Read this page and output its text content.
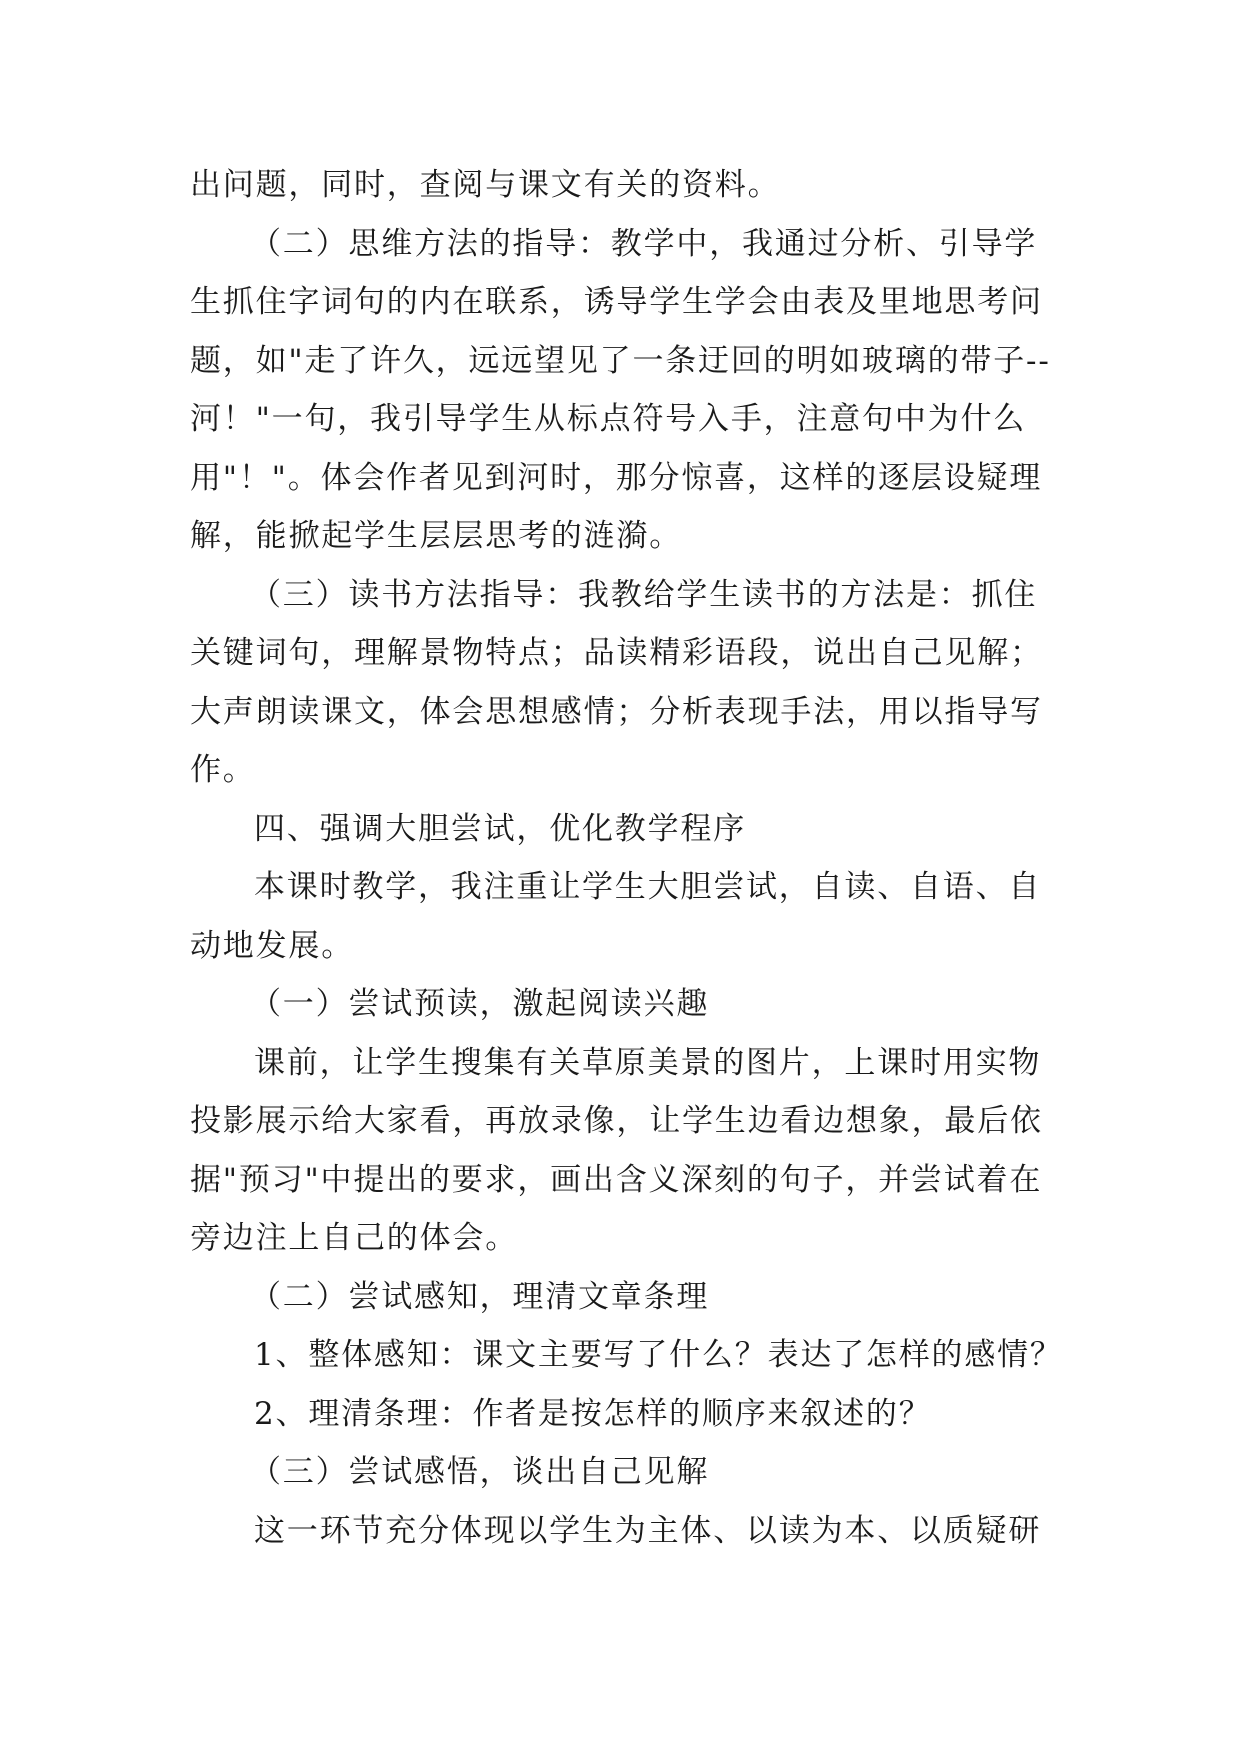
出问题，同时，查阅与课文有关的资料。
（二）思维方法的指导：教学中，我通过分析、引导学
生抓住字词句的内在联系，诱导学生学会由表及里地思考问
题，如"走了许久，远远望见了一条迂回的明如玻璃的带子--
河！"一句，我引导学生从标点符号入手，注意句中为什么
用"！"。体会作者见到河时，那分惊喜，这样的逐层设疑理
解，能掀起学生层层思考的涟漪。
（三）读书方法指导：我教给学生读书的方法是：抓住
关键词句，理解景物特点；品读精彩语段，说出自己见解；
大声朗读课文，体会思想感情；分析表现手法，用以指导写
作。
四、强调大胆尝试，优化教学程序
本课时教学，我注重让学生大胆尝试，自读、自语、自
动地发展。
（一）尝试预读，激起阅读兴趣
课前，让学生搜集有关草原美景的图片，上课时用实物
投影展示给大家看，再放录像，让学生边看边想象，最后依
据"预习"中提出的要求，画出含义深刻的句子，并尝试着在
旁边注上自己的体会。
（二）尝试感知，理清文章条理
1、整体感知：课文主要写了什么？表达了怎样的感情？
2、理清条理：作者是按怎样的顺序来叙述的？
（三）尝试感悟，谈出自己见解
这一环节充分体现以学生为主体、以读为本、以质疑研
